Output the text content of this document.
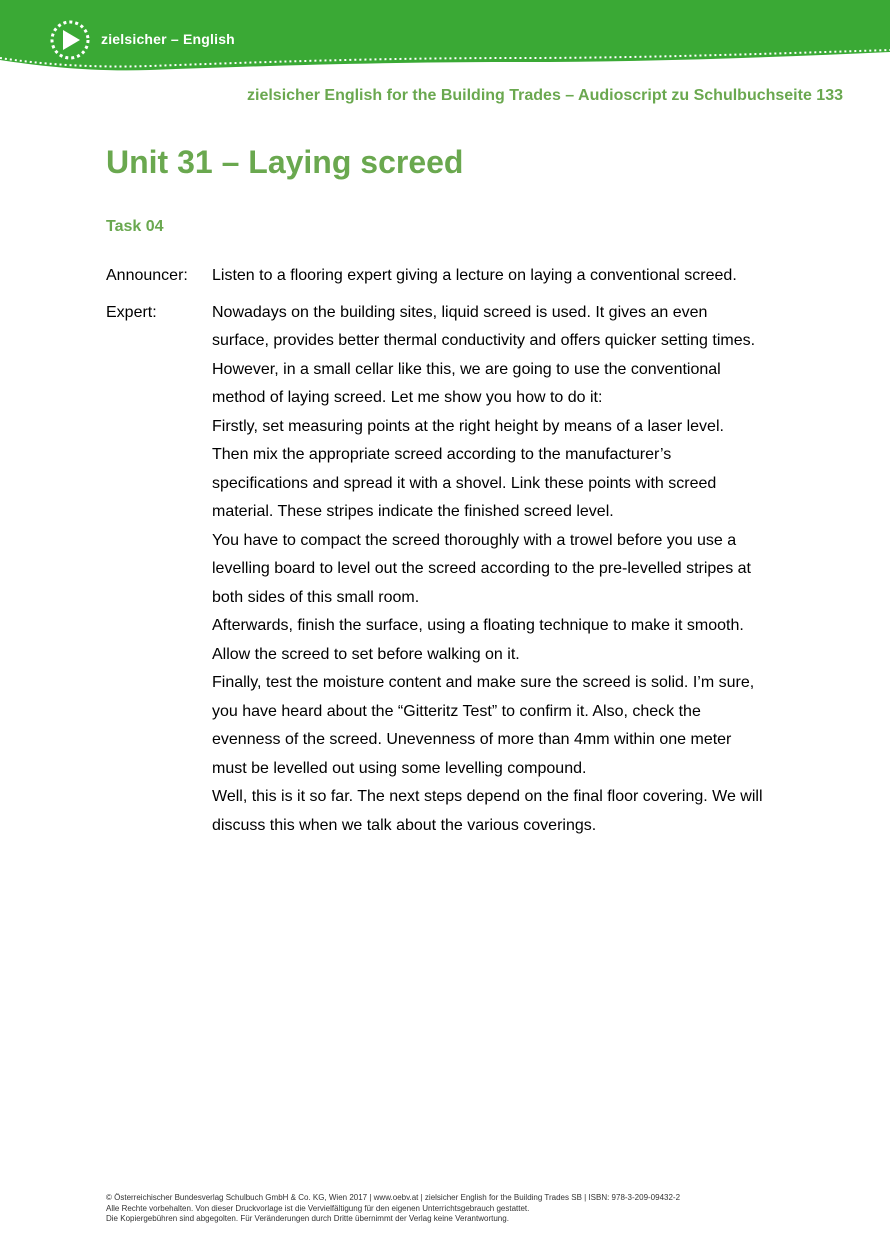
zielsicher – English
zielsicher English for the Building Trades – Audioscript zu Schulbuchseite 133
Unit 31 – Laying screed
Task 04
Announcer:	Listen to a flooring expert giving a lecture on laying a conventional screed.
Expert:	Nowadays on the building sites, liquid screed is used. It gives an even
surface, provides better thermal conductivity and offers quicker setting times.
However, in a small cellar like this, we are going to use the conventional
method of laying screed. Let me show you how to do it:
Firstly, set measuring points at the right height by means of a laser level.
Then mix the appropriate screed according to the manufacturer’s
specifications and spread it with a shovel. Link these points with screed
material. These stripes indicate the finished screed level.
You have to compact the screed thoroughly with a trowel before you use a
levelling board to level out the screed according to the pre-levelled stripes at
both sides of this small room.
Afterwards, finish the surface, using a floating technique to make it smooth.
Allow the screed to set before walking on it.
Finally, test the moisture content and make sure the screed is solid. I’m sure,
you have heard about the “Gitteritz Test” to confirm it. Also, check the
evenness of the screed. Unevenness of more than 4mm within one meter
must be levelled out using some levelling compound.
Well, this is it so far. The next steps depend on the final floor covering. We will
discuss this when we talk about the various coverings.
© Österreichischer Bundesverlag Schulbuch GmbH & Co. KG, Wien 2017 | www.oebv.at | zielsicher English for the Building Trades SB | ISBN: 978-3-209-09432-2
Alle Rechte vorbehalten. Von dieser Druckvorlage ist die Vervielfältigung für den eigenen Unterrichtsgebrauch gestattet.
Die Kopiergebühren sind abgegolten. Für Veränderungen durch Dritte übernimmt der Verlag keine Verantwortung.
